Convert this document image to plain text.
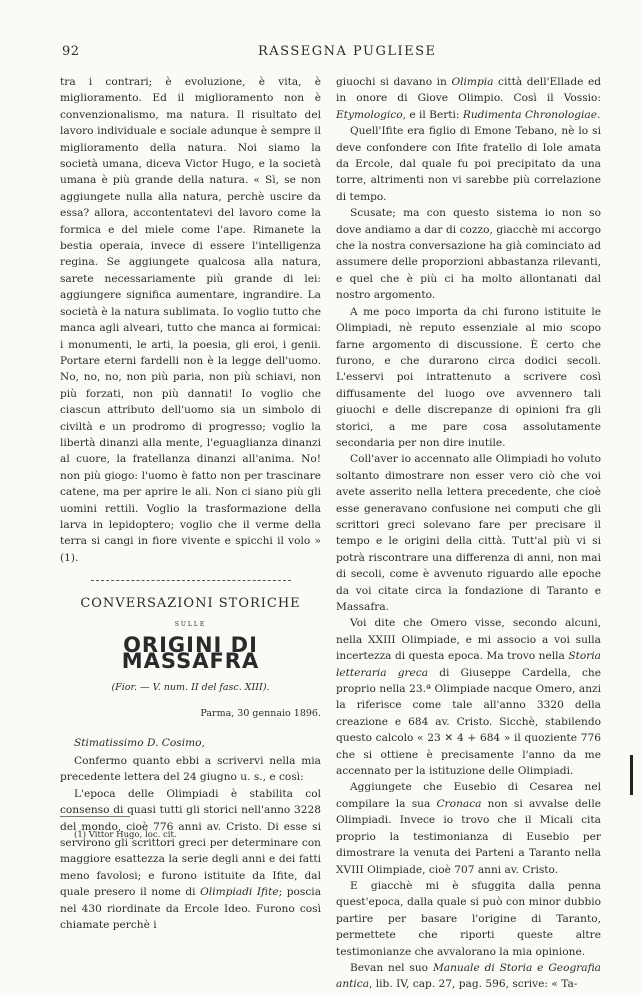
92	RASSEGNA PUGLIESE

tra i contrari; è evoluzione, è vita, è miglioramento. Ed il miglioramento non è convenzionalismo, ma natura. Il risultato del lavoro individuale e sociale adunque è sempre il miglioramento della natura. Noi siamo la società umana, diceva Victor Hugo, e la società umana è più grande della natura. « Sì, se non aggiungete nulla alla natura, perchè uscire da essa? allora, accontentatevi del lavoro come la formica e del miele come l'ape. Rimanete la bestia operaia, invece di essere l'intelligenza regina. Se aggiungete qualcosa alla natura, sarete necessariamente più grande di lei: aggiungere significa aumentare, ingrandire. La società è la natura sublimata. Io voglio tutto che manca agli alveari, tutto che manca ai formicai: i monumenti, le arti, la poesia, gli eroi, i genii. Portare eterni fardelli non è la legge dell'uomo. No, no, no, non più paria, non più schiavi, non più forzati, non più dannati! Io voglio che ciascun attributo dell'uomo sia un simbolo di civiltà e un prodromo di progresso; voglio la libertà dinanzi alla mente, l'eguaglianza dinanzi al cuore, la fratellanza dinanzi all'anima. No! non più giogo: l'uomo è fatto non per trascinare catene, ma per aprire le ali. Non ci siano più gli uomini rettili. Voglio la trasformazione della larva in lepidoptero; voglio che il verme della terra si cangi in fiore vivente e spicchi il volo » (1).

CONVERSAZIONI STORICHE
SULLE
ORIGINI DI MASSAFRA
(Fior. — V. num. II del fasc. XIII).
Parma, 30 gennaio 1896.
Stimatissimo D. Cosimo,

Confermo quanto ebbi a scrivervi nella mia precedente lettera del 24 giugno u. s., e così:

L'epoca delle Olimpiadi è stabilita col consenso di quasi tutti gli storici nell'anno 3228 del mondo, cioè 776 anni av. Cristo. Di esse si servirono gli scrittori greci per determinare con maggiore esattezza la serie degli anni e dei fatti meno favolosi; e furono istituite da Ifite, dal quale presero il nome di Olimpiadi Ifite; poscia nel 430 riordinate da Ercole Ideo. Furono così chiamate perchè i

(1) Vittor Hugo, loc. cit.

giuochi si davano in Olimpia città dell'Ellade ed in onore di Giove Olimpio. Così il Vossio: Etymologico, e il Berti: Rudimenta Chronologiae.

Quell'Ifite era figlio di Emone Tebano, nè lo si deve confondere con Ifite fratello di Iole amata da Ercole, dal quale fu poi precipitato da una torre, altrimenti non vi sarebbe più correlazione di tempo.

Scusate; ma con questo sistema io non so dove andiamo a dar di cozzo, giacchè mi accorgo che la nostra conversazione ha già cominciato ad assumere delle proporzioni abbastanza rilevanti, e quel che è più ci ha molto allontanati dal nostro argomento.

A me poco importa da chi furono istituite le Olimpiadi, nè reputo essenziale al mio scopo farne argomento di discussione. È certo che furono, e che durarono circa dodici secoli. L'esservi poi intrattenuto a scrivere così diffusamente del luogo ove avvennero tali giuochi e delle discrepanze di opinioni fra gli storici, a me pare cosa assolutamente secondaria per non dire inutile.

Coll'aver io accennato alle Olimpiadi ho voluto soltanto dimostrare non esser vero ciò che voi avete asserito nella lettera precedente, che cioè esse generavano confusione nei computi che gli scrittori greci solevano fare per precisare il tempo e le origini della città. Tutt'al più vi si potrà riscontrare una differenza di anni, non mai di secoli, come è avvenuto riguardo alle epoche da voi citate circa la fondazione di Taranto e Massafra.

Voi dite che Omero visse, secondo alcuni, nella XXIII Olimpiade, e mi associo a voi sulla incertezza di questa epoca. Ma trovo nella Storia letteraria greca di Giuseppe Cardella, che proprio nella 23.ª Olimpiade nacque Omero, anzi la riferisce come tale all'anno 3320 della creazione e 684 av. Cristo. Sicchè, stabilendo questo calcolo « 23 ✕ 4 + 684 » il quoziente 776 che si ottiene è precisamente l'anno da me accennato per la istituzione delle Olimpiadi.

Aggiungete che Eusebio di Cesarea nel compilare la sua Cronaca non si avvalse delle Olimpiadi. Invece io trovo che il Micali cita proprio la testimonianza di Eusebio per dimostrare la venuta dei Parteni a Taranto nella XVIII Olimpiade, cioè 707 anni av. Cristo.

E giacchè mi è sfuggita dalla penna quest'epoca, dalla quale si può con minor dubbio partire per basare l'origine di Taranto, permettete che riporti queste altre testimonianze che avvalorano la mia opinione.

Bevan nel suo Manuale di Storia e Geografia antica, lib. IV, cap. 27, pag. 596, scrive: « Ta-
